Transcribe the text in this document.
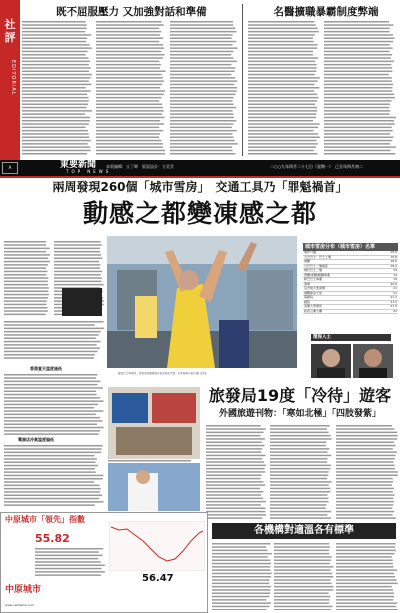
社評
EDITORIAL
既不屈服壓力 又加強對話和準備	名醫擴職暴霸制度弊端
A	東要新聞
TOP NEWS
本版編輯：丘丁輝　版面設計：方美雲	二○○九年四月二十七日（星期一）　己丑年四月初二
兩周發現260個「城市雪房」　交通工具乃「罪魁禍首」
動感之都變凍感之都
香港夏天溫度過低
電器店冷氣溫度偏低
圖為巴士車廂內，乘客為抵擋強勁冷氣而穿起外套，有乘客將冷氣出風口封住。
城市雪房分布（城市雪房）名單
海洋公園	18.9
九巴巴士：巴士上層	18.8
港鐵	18.6
九巴巴士二層後座	18.9
城巴巴士二層	19
西鐵/東鐵/輕鐵車廂	19
新巴巴士車廂	19
商場	20.6
尖沙咀大型商場	21
港鐵車站大堂	21
電影院	21.2
戲院	21.5
各類大型場所	21.5
政府合署大樓	22
環保人士
旅發局19度「冷待」遊客
外國旅遊刊物：「寒如北極」「四肢發紫」
中原城市「領先」指數
55.82
56.47
中原城市
www.centaline.com
各機構對適溫各有標準
